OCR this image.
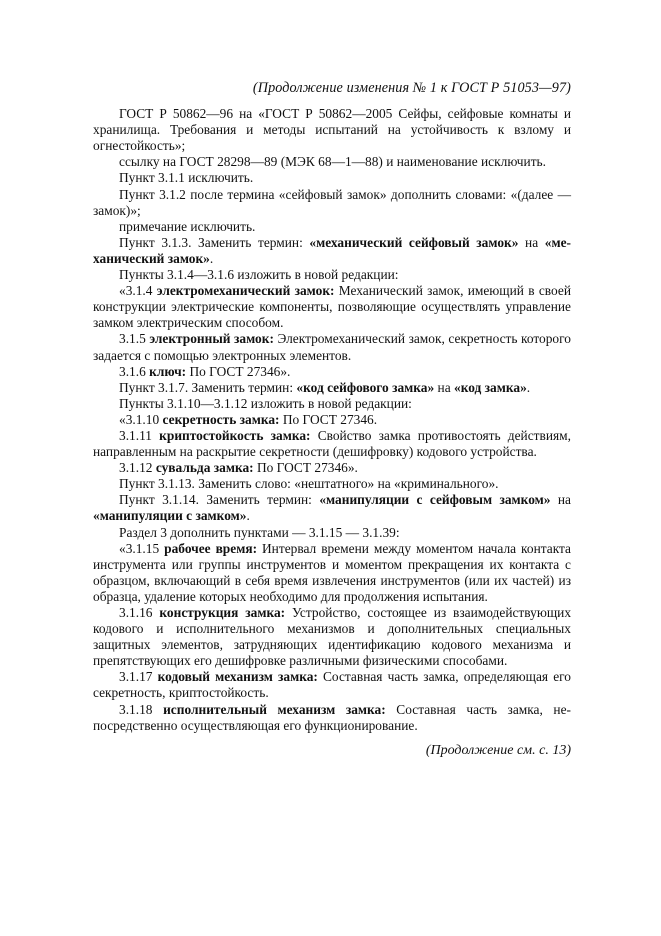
(Продолжение изменения № 1 к ГОСТ Р 51053—97)

ГОСТ Р 50862—96 на «ГОСТ Р 50862—2005 Сейфы, сейфовые комнаты и хранилища. Требования и методы испытаний на устойчивость к взлому и огнестойкость»;

ссылку на ГОСТ 28298—89 (МЭК 68—1—88) и наименование исключить.

Пункт 3.1.1 исключить.

Пункт 3.1.2 после термина «сейфовый замок» дополнить словами: «(далее — замок)»;

примечание исключить.

Пункт 3.1.3. Заменить термин: «механический сейфовый замок» на «механический замок».

Пункты 3.1.4—3.1.6 изложить в новой редакции:

«3.1.4 электромеханический замок: Механический замок, имеющий в своей конструкции электрические компоненты, позволяющие осуществлять управление замком электрическим способом.

3.1.5 электронный замок: Электромеханический замок, секретность которого задается с помощью электронных элементов.

3.1.6 ключ: По ГОСТ 27346».

Пункт 3.1.7. Заменить термин: «код сейфового замка» на «код замка».

Пункты 3.1.10—3.1.12 изложить в новой редакции:

«3.1.10 секретность замка: По ГОСТ 27346.

3.1.11 криптостойкость замка: Свойство замка противостоять действиям, направленным на раскрытие секретности (дешифровку) кодового устройства.

3.1.12 сувальда замка: По ГОСТ 27346».

Пункт 3.1.13. Заменить слово: «нештатного» на «криминального».

Пункт 3.1.14. Заменить термин: «манипуляции с сейфовым замком» на «манипуляции с замком».

Раздел 3 дополнить пунктами — 3.1.15 — 3.1.39:

«3.1.15 рабочее время: Интервал времени между моментом начала контакта инструмента или группы инструментов и моментом прекращения их контакта с образцом, включающий в себя время извлечения инструментов (или их частей) из образца, удаление которых необходимо для продолжения испытания.

3.1.16 конструкция замка: Устройство, состоящее из взаимодействующих кодового и исполнительного механизмов и дополнительных специальных защитных элементов, затрудняющих идентификацию кодового механизма и препятствующих его дешифровке различными физическими способами.

3.1.17 кодовый механизм замка: Составная часть замка, определяющая его секретность, криптостойкость.

3.1.18 исполнительный механизм замка: Составная часть замка, непосредственно осуществляющая его функционирование.

(Продолжение см. с. 13)
